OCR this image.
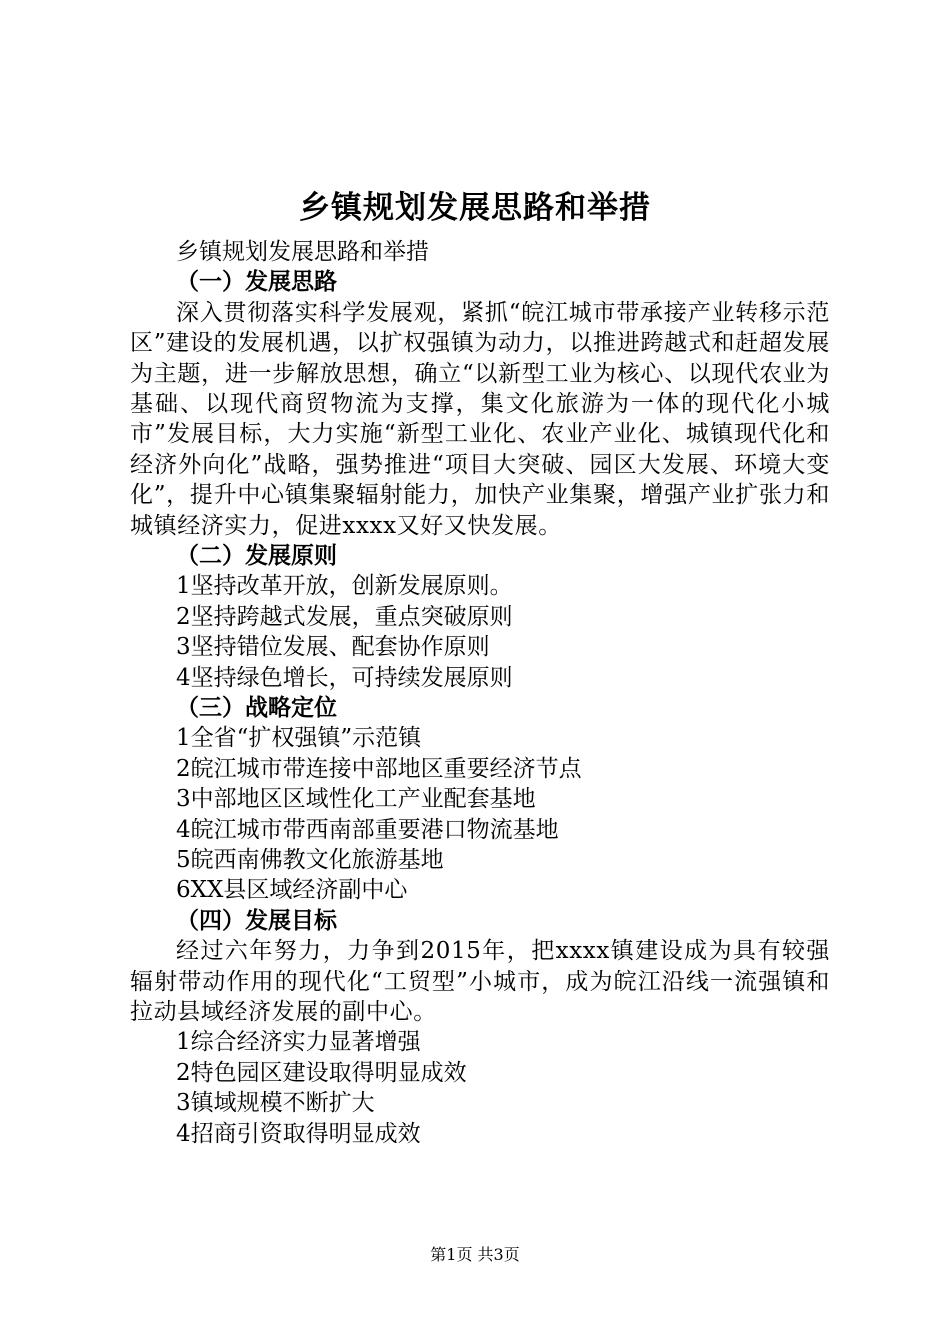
乡镇规划发展思路和举措
乡镇规划发展思路和举措
（一）发展思路

深入贯彻落实科学发展观，紧抓“皖江城市带承接产业转移示范区”建设的发展机遇，以扩权强镇为动力，以推进跨越式和赶超发展为主题，进一步解放思想，确立“以新型工业为核心、以现代农业为基础、以现代商贸物流为支撑，集文化旅游为一体的现代化小城市”发展目标，大力实施“新型工业化、农业产业化、城镇现代化和经济外向化”战略，强势推进“项目大突破、园区大发展、环境大变化”，提升中心镇集聚辐射能力，加快产业集聚，增强产业扩张力和城镇经济实力，促进xxxx又好又快发展。

（二）发展原则
1坚持改革开放，创新发展原则。
2坚持跨越式发展，重点突破原则
3坚持错位发展、配套协作原则
4坚持绿色增长，可持续发展原则
（三）战略定位
1全省“扩权强镇”示范镇
2皖江城市带连接中部地区重要经济节点
3中部地区区域性化工产业配套基地
4皖江城市带西南部重要港口物流基地
5皖西南佛教文化旅游基地
6XX县区域经济副中心
（四）发展目标

经过六年努力，力争到2015年，把xxxx镇建设成为具有较强辐射带动作用的现代化“工贸型”小城市，成为皖江沿线一流强镇和拉动县域经济发展的副中心。

1综合经济实力显著增强
2特色园区建设取得明显成效
3镇域规模不断扩大
4招商引资取得明显成效
第1页 共3页
